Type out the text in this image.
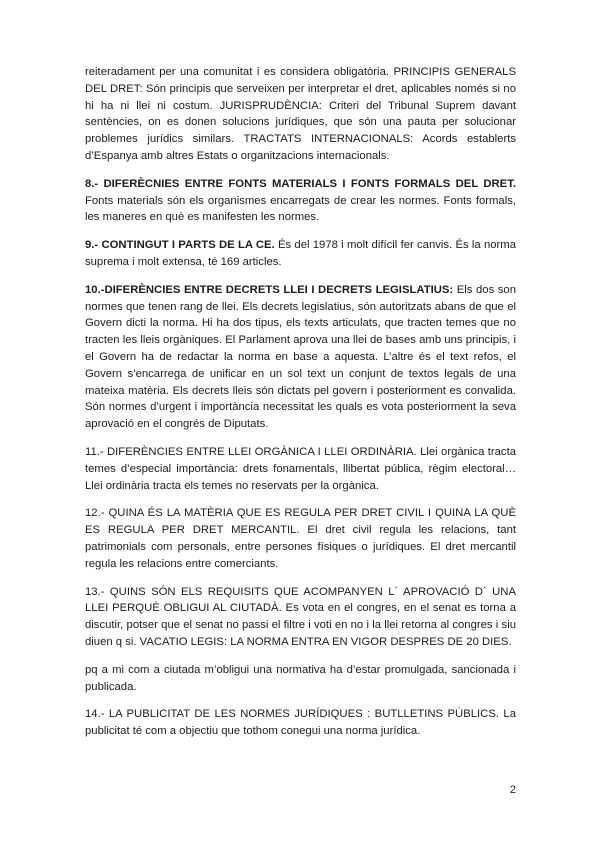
reiteradament per una comunitat i es considera obligatòria. PRINCIPIS GENERALS DEL DRET: Són principis que serveixen per interpretar el dret, aplicables només si no hi ha ni llei ni costum. JURISPRUDÈNCIA: Criteri del Tribunal Suprem davant sentències, on es donen solucions jurídiques, que són una pauta per solucionar problemes jurídics similars. TRACTATS INTERNACIONALS: Acords establerts d’Espanya amb altres Estats o organitzacions internacionals.

8.- DIFERÈCNIES ENTRE FONTS MATERIALS I FONTS FORMALS DEL DRET. Fonts materials són els organismes encarregats de crear les normes. Fonts formals, les maneres en què es manifesten les normes.

9.- CONTINGUT I PARTS DE LA CE. És del 1978 i molt difícil fer canvis. És la norma suprema i molt extensa, té 169 articles.

10.-DIFERÈNCIES ENTRE DECRETS LLEI I DECRETS LEGISLATIUS: Els dos son normes que tenen rang de llei. Els decrets legislatius, són autoritzats abans de que el Govern dicti la norma. Hi ha dos tipus, els texts articulats, que tracten temes que no tracten les lleis orgàniques. El Parlament aprova una llei de bases amb uns principis, i el Govern ha de redactar la norma en base a aquesta. L’altre és el text refos, el Govern s’encarrega de unificar en un sol text un conjunt de textos legals de una mateixa matèria. Els decrets lleis són dictats pel govern i posteriorment es convalida. Són normes d’urgent i importància necessitat les quals es vota posteriorment la seva aprovació en el congrés de Diputats.

11.- DIFERÈNCIES ENTRE LLEI ORGÀNICA I LLEI ORDINÀRIA. Llei orgànica tracta temes d’especial importància: drets fonamentals, llibertat pública, règim electoral… Llei ordinària tracta els temes no reservats per la orgànica.

12.- QUINA ÉS LA MATÈRIA QUE ES REGULA PER DRET CIVIL I QUINA LA QUÈ ES REGULA PER DRET MERCANTIL. El dret civil regula les relacions, tant patrimonials com personals, entre persones físiques o jurídiques. El dret mercantil regula les relacions entre comerciants.

13.- QUINS SÓN ELS REQUISITS QUE ACOMPANYEN L´ APROVACIÓ D´ UNA LLEI PERQUÈ OBLIGUI AL CIUTADÀ. Es vota en el congres, en el senat es torna a discutir, potser que el senat no passi el filtre i voti en no i la llei retorna al congres i siu diuen q si. VACATIO LEGIS: LA NORMA ENTRA EN VIGOR DESPRES DE 20 DIES.

pq a mi com a ciutada m’obligui una normativa ha d’estar promulgada, sancionada i publicada.

14.- LA PUBLICITAT DE LES NORMES JURÍDIQUES : BUTLLETINS PÚBLICS. La publicitat té com a objectiu que tothom conegui una norma jurídica.

2
